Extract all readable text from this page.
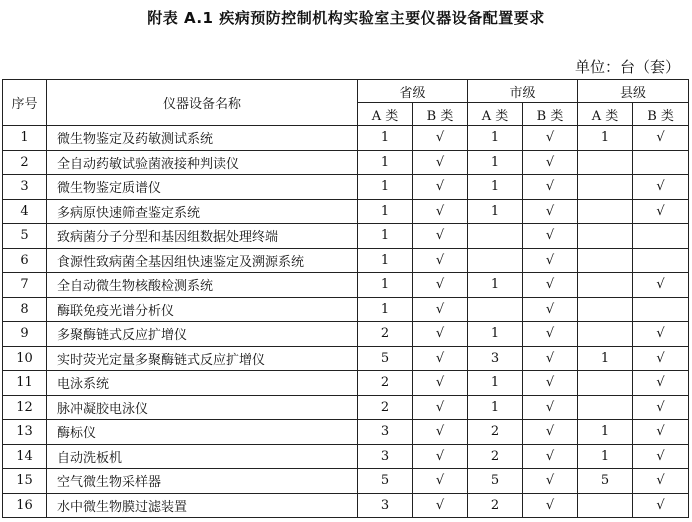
附表 A.1 疾病预防控制机构实验室主要仪器设备配置要求
单位：台（套）
序号	仪器设备名称	省级		市级		县级	
		A 类	B 类	A 类	B 类	A 类	B 类
1	微生物鉴定及药敏测试系统	1	√	1	√	1	√
2	全自动药敏试验菌液接种判读仪	1	√	1	√		
3	微生物鉴定质谱仪	1	√	1	√		√
4	多病原快速筛查鉴定系统	1	√	1	√		√
5	致病菌分子分型和基因组数据处理终端	1	√		√		
6	食源性致病菌全基因组快速鉴定及溯源系统	1	√		√		
7	全自动微生物核酸检测系统	1	√	1	√		√
8	酶联免疫光谱分析仪	1	√		√		
9	多聚酶链式反应扩增仪	2	√	1	√		√
10	实时荧光定量多聚酶链式反应扩增仪	5	√	3	√	1	√
11	电泳系统	2	√	1	√		√
12	脉冲凝胶电泳仪	2	√	1	√		√
13	酶标仪	3	√	2	√	1	√
14	自动洗板机	3	√	2	√	1	√
15	空气微生物采样器	5	√	5	√	5	√
16	水中微生物膜过滤装置	3	√	2	√		√
